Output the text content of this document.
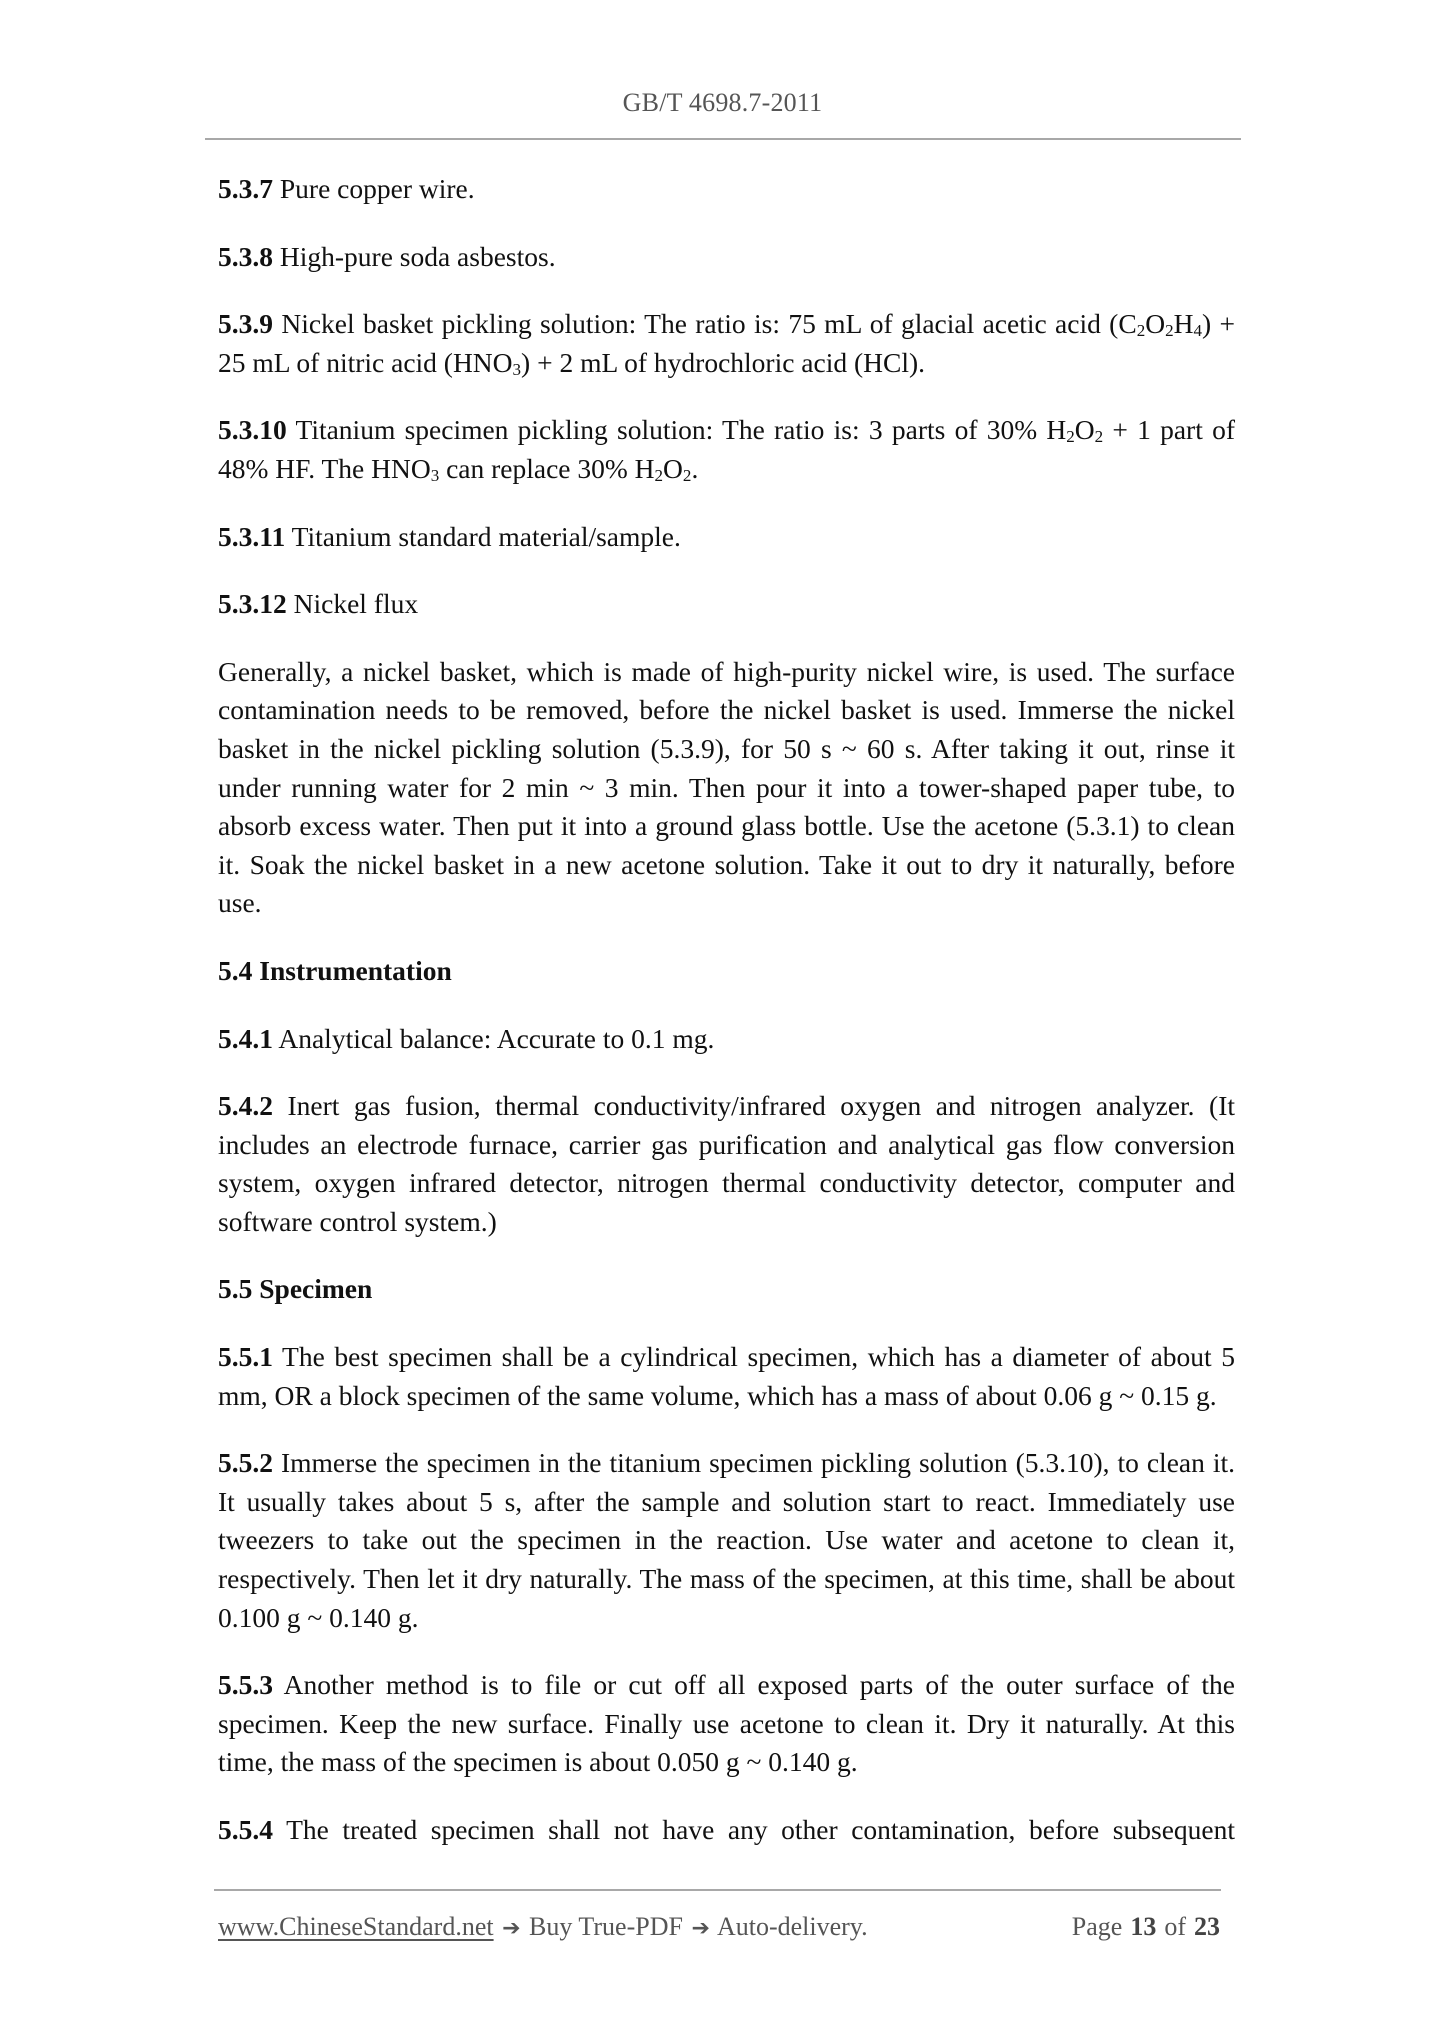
GB/T 4698.7-2011

5.3.7 Pure copper wire.

5.3.8 High-pure soda asbestos.

5.3.9 Nickel basket pickling solution: The ratio is: 75 mL of glacial acetic acid $(C_2O_2H_4) + 25$ mL of nitric acid $(HNO_3) + 2$ mL of hydrochloric acid (HCl).

5.3.10 Titanium specimen pickling solution: The ratio is: 3 parts of 30% $H_2O_2 + 1$ part of 48% HF. The $HNO_3$ can replace 30% $H_2O_2$.

5.3.11 Titanium standard material/sample.

5.3.12 Nickel flux

Generally, a nickel basket, which is made of high-purity nickel wire, is used. The surface contamination needs to be removed, before the nickel basket is used. Immerse the nickel basket in the nickel pickling solution (5.3.9), for 50 s ~ 60 s. After taking it out, rinse it under running water for 2 min ~ 3 min. Then pour it into a tower-shaped paper tube, to absorb excess water. Then put it into a ground glass bottle. Use the acetone (5.3.1) to clean it. Soak the nickel basket in a new acetone solution. Take it out to dry it naturally, before use.

5.4 Instrumentation

5.4.1 Analytical balance: Accurate to 0.1 mg.

5.4.2 Inert gas fusion, thermal conductivity/infrared oxygen and nitrogen analyzer. (It includes an electrode furnace, carrier gas purification and analytical gas flow conversion system, oxygen infrared detector, nitrogen thermal conductivity detector, computer and software control system.)

5.5 Specimen

5.5.1 The best specimen shall be a cylindrical specimen, which has a diameter of about 5 mm, OR a block specimen of the same volume, which has a mass of about 0.06 g ~ 0.15 g.

5.5.2 Immerse the specimen in the titanium specimen pickling solution (5.3.10), to clean it. It usually takes about 5 s, after the sample and solution start to react. Immediately use tweezers to take out the specimen in the reaction. Use water and acetone to clean it, respectively. Then let it dry naturally. The mass of the specimen, at this time, shall be about 0.100 g ~ 0.140 g.

5.5.3 Another method is to file or cut off all exposed parts of the outer surface of the specimen. Keep the new surface. Finally use acetone to clean it. Dry it naturally. At this time, the mass of the specimen is about 0.050 g ~ 0.140 g.

5.5.4 The treated specimen shall not have any other contamination, before subsequent

www.ChineseStandard.net ➔ Buy True-PDF ➔ Auto-delivery.	Page 13 of 23
